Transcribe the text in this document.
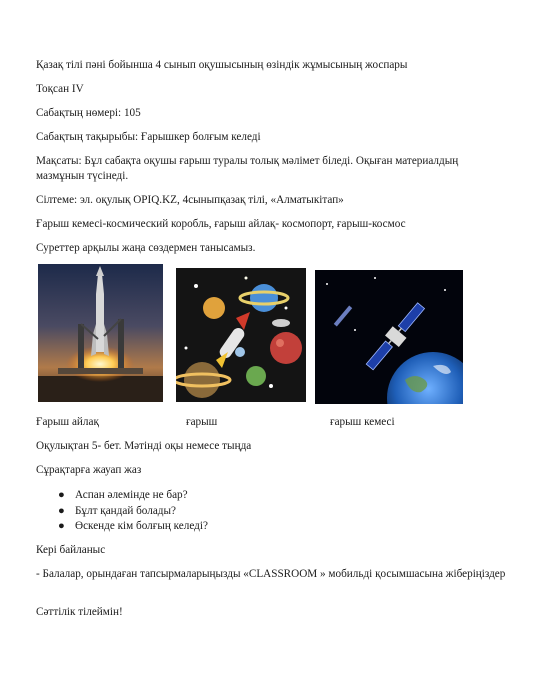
Қазақ тілі пәні бойынша 4 сынып оқушысының өзіндік жұмысының жоспары

Тоқсан IV

Сабақтың нөмері: 105

Сабақтың тақырыбы: Ғарышкер болғым келеді

Мақсаты: Бұл сабақта оқушы ғарыш туралы толық мәлімет біледі. Оқыған материалдың мазмұнын түсінеді.

Сілтеме: эл. оқулық OPIQ.KZ, 4сыныпқазақ тілі, «Алматыкітап»

Ғарыш кемесі-космический корoбль, ғарыш айлақ- космопорт, ғарыш-космос

Суреттер арқылы жаңа сөздермен танысамыз.

Ғарыш айлақ	ғарыш	ғарыш кемесі

Оқулықтан 5- бет. Мәтінді оқы немесе тыңда

Сұрақтарға жауап жаз

● Аспан әлемінде не бар?
● Бұлт қандай болады?
● Өскенде кім болғың келеді?

Кері байланыс

- Балалар, орындаған тапсырмаларыңызды «CLASSROOM » мобильді қосымшасына жіберіңіздер

Сәттілік тілеймін!
